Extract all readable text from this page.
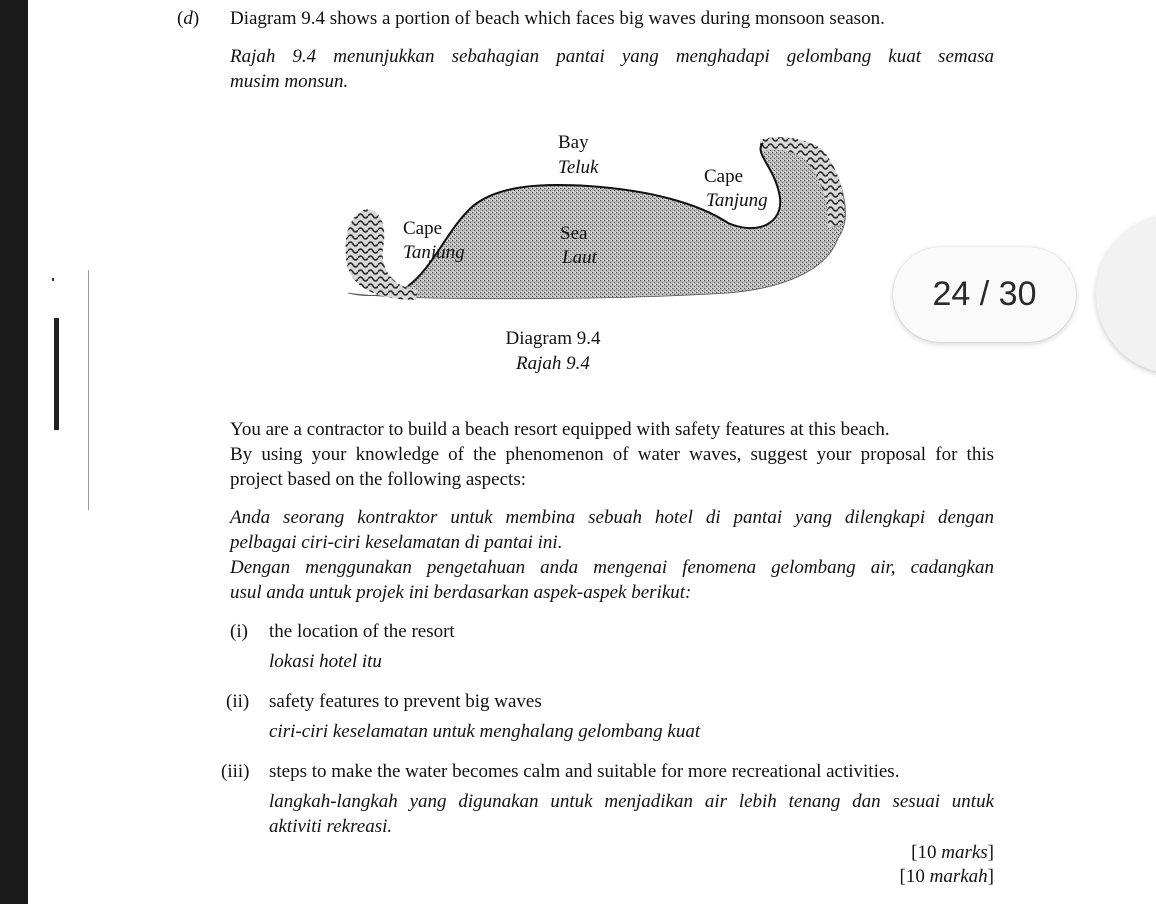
(d) Diagram 9.4 shows a portion of beach which faces big waves during monsoon season.
Rajah 9.4 menunjukkan sebahagian pantai yang menghadapi gelombang kuat semasa
musim monsun.
Bay
Teluk	Cape
Tanjung
Cape
Tanjung
Sea
Laut
Diagram 9.4
Rajah 9.4
You are a contractor to build a beach resort equipped with safety features at this beach.
By using your knowledge of the phenomenon of water waves, suggest your proposal for this
project based on the following aspects:
Anda seorang kontraktor untuk membina sebuah hotel di pantai yang dilengkapi dengan
pelbagai ciri-ciri keselamatan di pantai ini.
Dengan menggunakan pengetahuan anda mengenai fenomena gelombang air, cadangkan
usul anda untuk projek ini berdasarkan aspek-aspek berikut:
(i) the location of the resort
lokasi hotel itu
(ii) safety features to prevent big waves
ciri-ciri keselamatan untuk menghalang gelombang kuat
(iii) steps to make the water becomes calm and suitable for more recreational activities.
langkah-langkah yang digunakan untuk menjadikan air lebih tenang dan sesuai untuk
aktiviti rekreasi.
[10 marks]
[10 markah]
24 / 30
